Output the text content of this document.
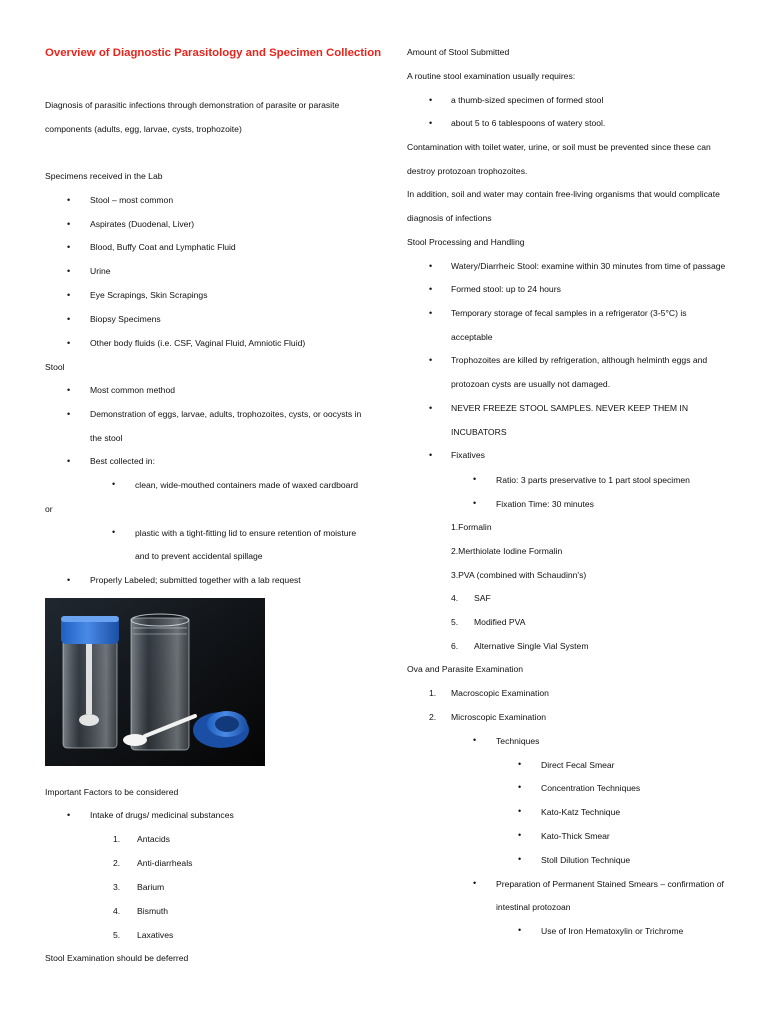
Overview of Diagnostic Parasitology and Specimen Collection
Diagnosis of parasitic infections through demonstration of parasite or parasite
components (adults, egg, larvae, cysts, trophozoite)
Specimens received in the Lab
• Stool – most common
• Aspirates (Duodenal, Liver)
• Blood, Buffy Coat and Lymphatic Fluid
• Urine
• Eye Scrapings, Skin Scrapings
• Biopsy Specimens
• Other body fluids (i.e. CSF, Vaginal Fluid, Amniotic Fluid)
Stool
• Most common method
• Demonstration of eggs, larvae, adults, trophozoites, cysts, or oocysts in
the stool
• Best collected in:
• clean, wide-mouthed containers made of waxed cardboard
or
• plastic with a tight-fitting lid to ensure retention of moisture
and to prevent accidental spillage
• Properly Labeled; submitted together with a lab request
Important Factors to be considered
• Intake of drugs/ medicinal substances
1. Antacids
2. Anti-diarrheals
3. Barium
4. Bismuth
5. Laxatives
Stool Examination should be deferred
Amount of Stool Submitted
A routine stool examination usually requires:
• a thumb-sized specimen of formed stool
• about 5 to 6 tablespoons of watery stool.
Contamination with toilet water, urine, or soil must be prevented since these can
destroy protozoan trophozoites.
In addition, soil and water may contain free-living organisms that would complicate
diagnosis of infections
Stool Processing and Handling
• Watery/Diarrheic Stool: examine within 30 minutes from time of passage
• Formed stool: up to 24 hours
• Temporary storage of fecal samples in a refrigerator (3-5°C) is
acceptable
• Trophozoites are killed by refrigeration, although helminth eggs and
protozoan cysts are usually not damaged.
• NEVER FREEZE STOOL SAMPLES. NEVER KEEP THEM IN
INCUBATORS
• Fixatives
• Ratio: 3 parts preservative to 1 part stool specimen
• Fixation Time: 30 minutes
1.Formalin
2.Merthiolate Iodine Formalin
3.PVA (combined with Schaudinn's)
4. SAF
5. Modified PVA
6. Alternative Single Vial System
Ova and Parasite Examination
1. Macroscopic Examination
2. Microscopic Examination
• Techniques
• Direct Fecal Smear
• Concentration Techniques
• Kato-Katz Technique
• Kato-Thick Smear
• Stoll Dilution Technique
• Preparation of Permanent Stained Smears – confirmation of
intestinal protozoan
• Use of Iron Hematoxylin or Trichrome
